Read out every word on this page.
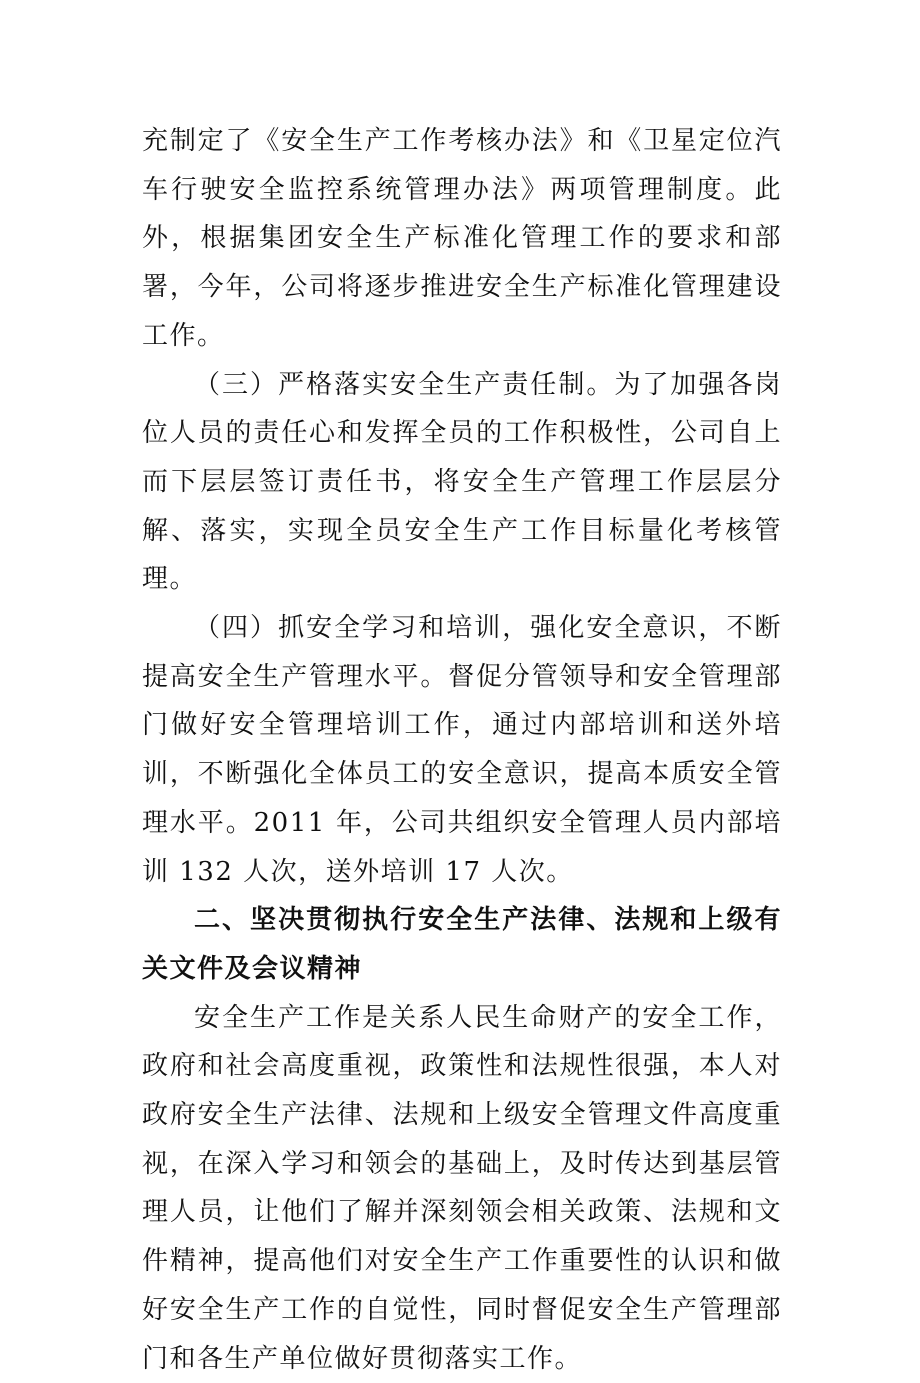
充制定了《安全生产工作考核办法》和《卫星定位汽车行驶安全监控系统管理办法》两项管理制度。此外，根据集团安全生产标准化管理工作的要求和部署，今年，公司将逐步推进安全生产标准化管理建设工作。

（三）严格落实安全生产责任制。为了加强各岗位人员的责任心和发挥全员的工作积极性，公司自上而下层层签订责任书，将安全生产管理工作层层分解、落实，实现全员安全生产工作目标量化考核管理。

（四）抓安全学习和培训，强化安全意识，不断提高安全生产管理水平。督促分管领导和安全管理部门做好安全管理培训工作，通过内部培训和送外培训，不断强化全体员工的安全意识，提高本质安全管理水平。2011 年，公司共组织安全管理人员内部培训 132 人次，送外培训 17 人次。

二、坚决贯彻执行安全生产法律、法规和上级有关文件及会议精神

安全生产工作是关系人民生命财产的安全工作，政府和社会高度重视，政策性和法规性很强，本人对政府安全生产法律、法规和上级安全管理文件高度重视，在深入学习和领会的基础上，及时传达到基层管理人员，让他们了解并深刻领会相关政策、法规和文件精神，提高他们对安全生产工作重要性的认识和做好安全生产工作的自觉性，同时督促安全生产管理部门和各生产单位做好贯彻落实工作。
